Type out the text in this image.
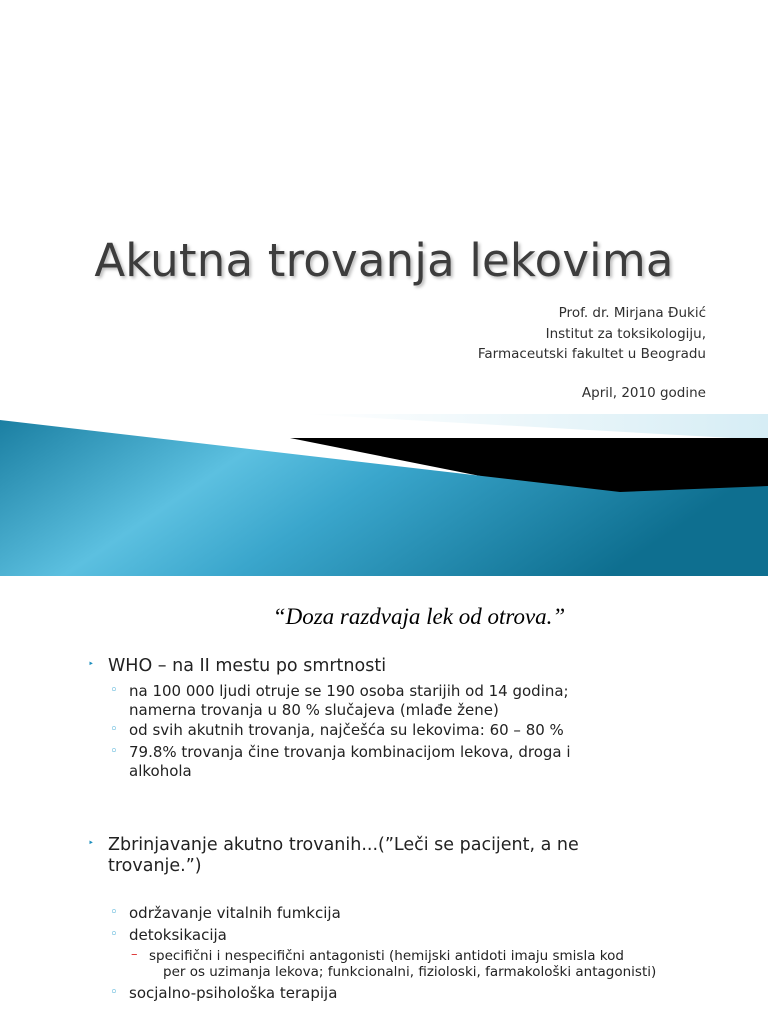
Akutna trovanja lekovima
Prof. dr. Mirjana Đukić
Institut za toksikologiju,
Farmaceutski fakultet u Beogradu
April, 2010 godine
“Doza razdvaja lek od otrova.”
‣ WHO – na II mestu po smrtnosti
◦ na 100 000 ljudi otruje se 190 osoba starijih od 14 godina;
namerna trovanja u 80 % slučajeva (mlađe žene)
◦ od svih akutnih trovanja, najčešća su lekovima: 60 – 80 %
◦ 79.8% trovanja čine trovanja kombinacijom lekova, droga i
alkohola
‣ Zbrinjavanje akutno trovanih...(”Leči se pacijent, a ne
trovanje.”)
◦ održavanje vitalnih fumkcija
◦ detoksikacija
– specifični i nespecifični antagonisti (hemijski antidoti imaju smisla kod
per os uzimanja lekova; funkcionalni, fizioloski, farmakološki antagonisti)
◦ socjalno-psihološka terapija
